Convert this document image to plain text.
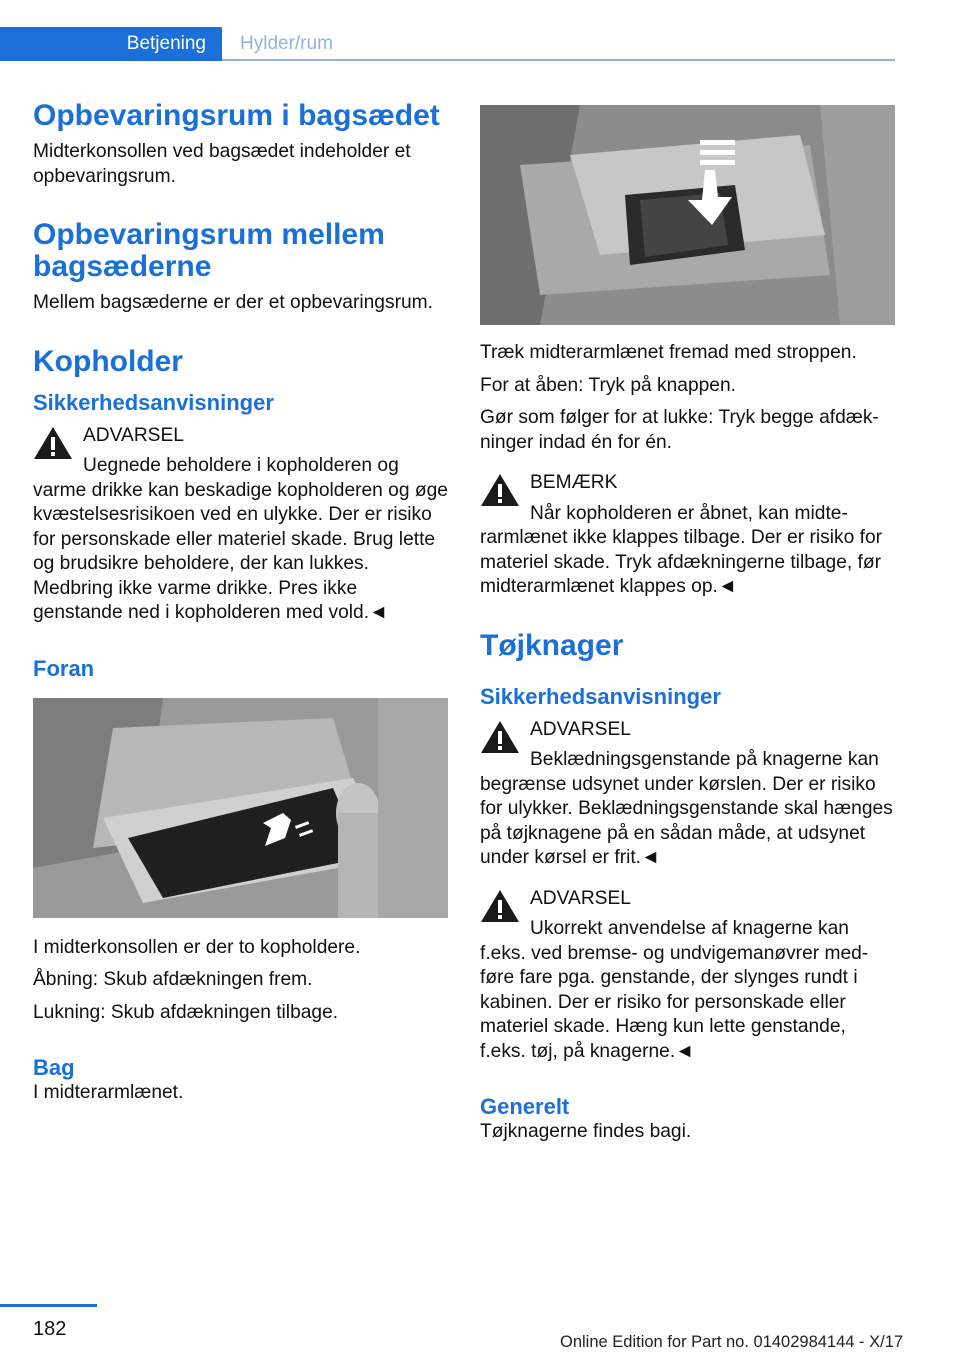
Betjening	Hylder/rum
Opbevaringsrum i bagsædet

Midterkonsollen ved bagsædet indeholder et opbevaringsrum.

Opbevaringsrum mellem bagsæderne

Mellem bagsæderne er der et opbevaringsrum.

Kopholder
Sikkerhedsanvisninger
ADVARSEL

Uegnede beholdere i kopholderen og varme drikke kan beskadige kopholderen og øge kvæstelsesrisikoen ved en ulykke. Der er risiko for personskade eller materiel skade. Brug lette og brudsikre beholdere, der kan lukkes. Medbring ikke varme drikke. Pres ikke genstande ned i kopholderen med vold.◄

Foran

I midterkonsollen er der to kopholdere.

Åbning: Skub afdækningen frem.

Lukning: Skub afdækningen tilbage.

Bag

I midterarmlænet.

Træk midterarmlænet fremad med stroppen.

For at åben: Tryk på knappen.

Gør som følger for at lukke: Tryk begge afdækninger indad én for én.

BEMÆRK

Når kopholderen er åbnet, kan midterarmlænet ikke klappes tilbage. Der er risiko for materiel skade. Tryk afdækningerne tilbage, før midterarmlænet klappes op.◄

Tøjknager
Sikkerhedsanvisninger
ADVARSEL

Beklædningsgenstande på knagerne kan begrænse udsynet under kørslen. Der er risiko for ulykker. Beklædningsgenstande skal hænges på tøjknagene på en sådan måde, at udsynet under kørsel er frit.◄

ADVARSEL

Ukorrekt anvendelse af knagerne kan f.eks. ved bremse- og undvigemanøvrer medføre fare pga. genstande, der slynges rundt i kabinen. Der er risiko for personskade eller materiel skade. Hæng kun lette genstande, f.eks. tøj, på knagerne.◄

Generelt

Tøjknagerne findes bagi.

182
Online Edition for Part no. 01402984144 - X/17
